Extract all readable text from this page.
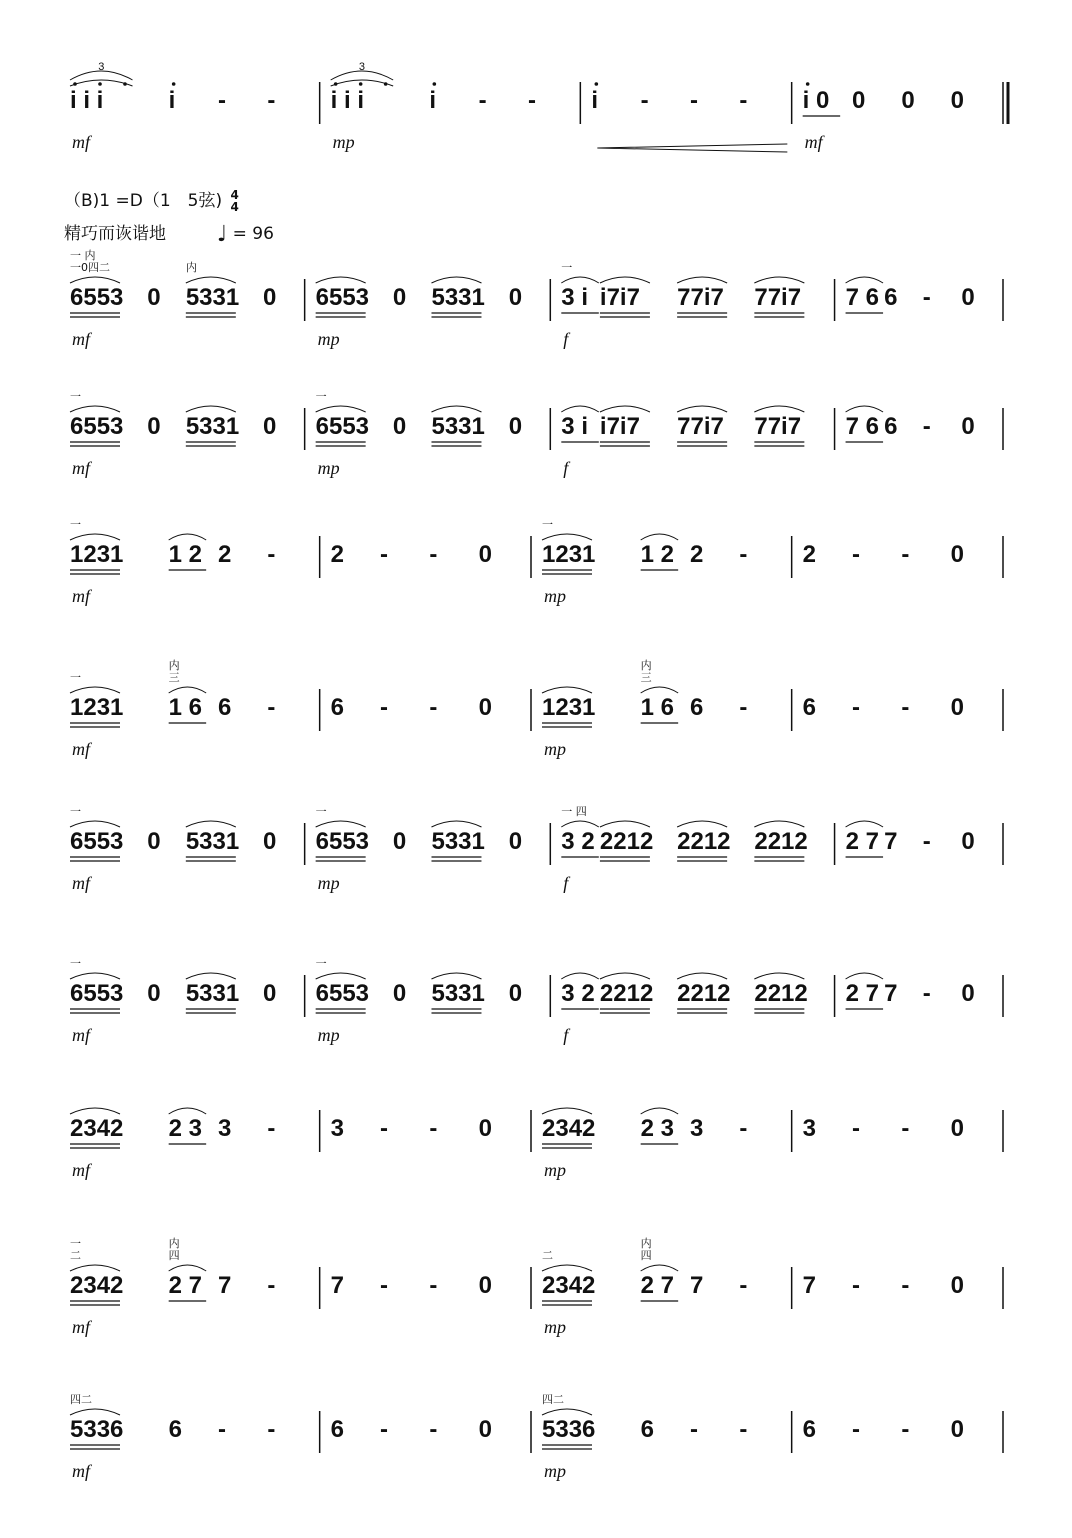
（B)1 =D（1　5弦) 4
4
精巧而诙谐地 ♩ = 96
i i i
3
i - - i i i
3
i - - i - - - i 0 0 0 0
mf	mp	mf
6553
一 内
一0四二
0 5331
内
0 6553 0 5331 0 3 i
一
i7i7 77i7 77i7 7 6 6 - 0
mf	mp	f
6553
一
0 5331 0 6553
一
0 5331 0 3 i i7i7 77i7 77i7 7 6 6 - 0
mf	mp	f
1231
一
1 2 2 - 2 - - 0 1231
一
1 2 2 - 2 - - 0
mf	mp
1231
一
1 6
内
三
6 - 6 - - 0 1231 1 6
内
三
6 - 6 - - 0
mf	mp
6553
一
0 5331 0 6553
一
0 5331 0 3 2
一 四
2212 2212 2212 2 7 7 - 0
mf	mp	f
6553
一
0 5331 0 6553
一
0 5331 0 3 2 2212 2212 2212 2 7 7 - 0
mf	mp	f
2342 2 3 3 - 3 - - 0 2342 2 3 3 - 3 - - 0
mf	mp
2342
一
二
2 7
内
四
7 - 7 - - 0 2342
二
2 7
内
四
7 - 7 - - 0
mf	mp
5336
四二
6 - - 6 - - 0 5336
四二
6 - - 6 - - 0
mf	mp
